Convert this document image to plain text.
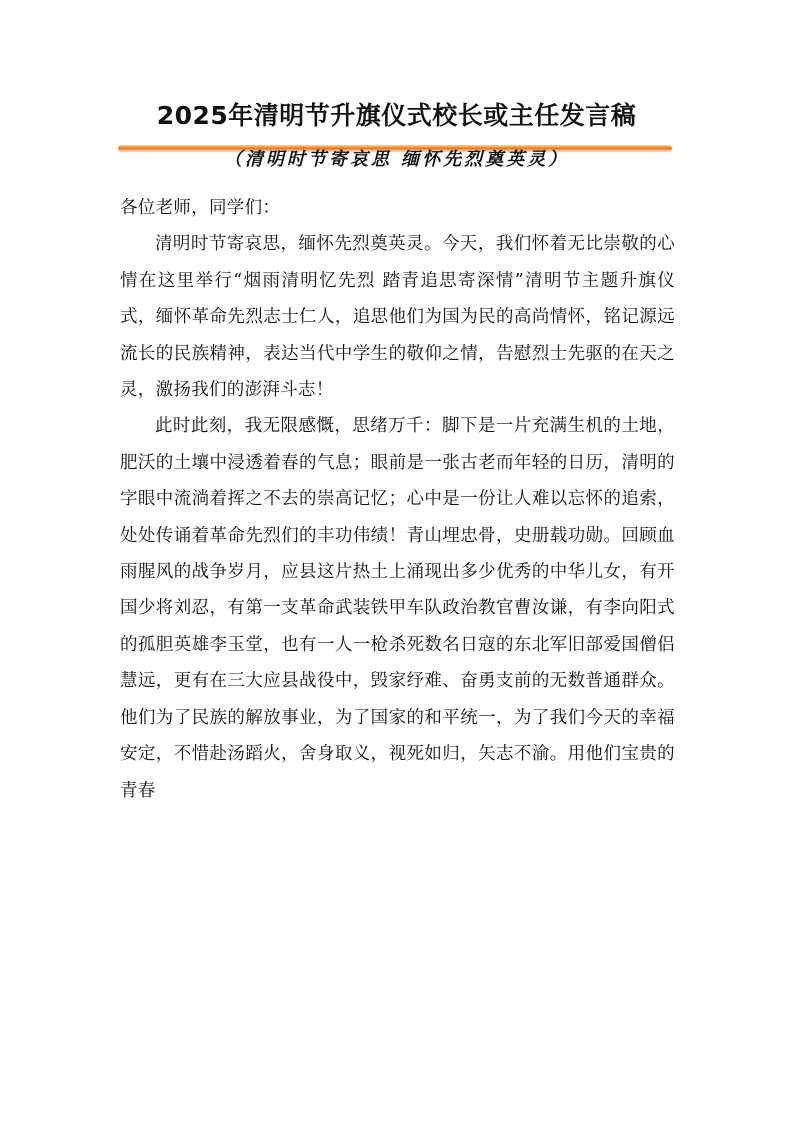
2025年清明节升旗仪式校长或主任发言稿
（清明时节寄哀思 缅怀先烈奠英灵）

各位老师，同学们：

清明时节寄哀思，缅怀先烈奠英灵。今天，我们怀着无比崇敬的心情在这里举行“烟雨清明忆先烈 踏青追思寄深情”清明节主题升旗仪式，缅怀革命先烈志士仁人，追思他们为国为民的高尚情怀，铭记源远流长的民族精神，表达当代中学生的敬仰之情，告慰烈士先驱的在天之灵，激扬我们的澎湃斗志！

此时此刻，我无限感慨，思绪万千：脚下是一片充满生机的土地，肥沃的土壤中浸透着春的气息；眼前是一张古老而年轻的日历，清明的字眼中流淌着挥之不去的崇高记忆；心中是一份让人难以忘怀的追索，处处传诵着革命先烈们的丰功伟绩！青山埋忠骨，史册载功勋。回顾血雨腥风的战争岁月，应县这片热土上涌现出多少优秀的中华儿女，有开国少将刘忍，有第一支革命武装铁甲车队政治教官曹汝谦，有李向阳式的孤胆英雄李玉堂，也有一人一枪杀死数名日寇的东北军旧部爱国僧侣慧远，更有在三大应县战役中，毁家纾难、奋勇支前的无数普通群众。他们为了民族的解放事业，为了国家的和平统一，为了我们今天的幸福安定，不惜赴汤蹈火，舍身取义，视死如归，矢志不渝。用他们宝贵的青春
